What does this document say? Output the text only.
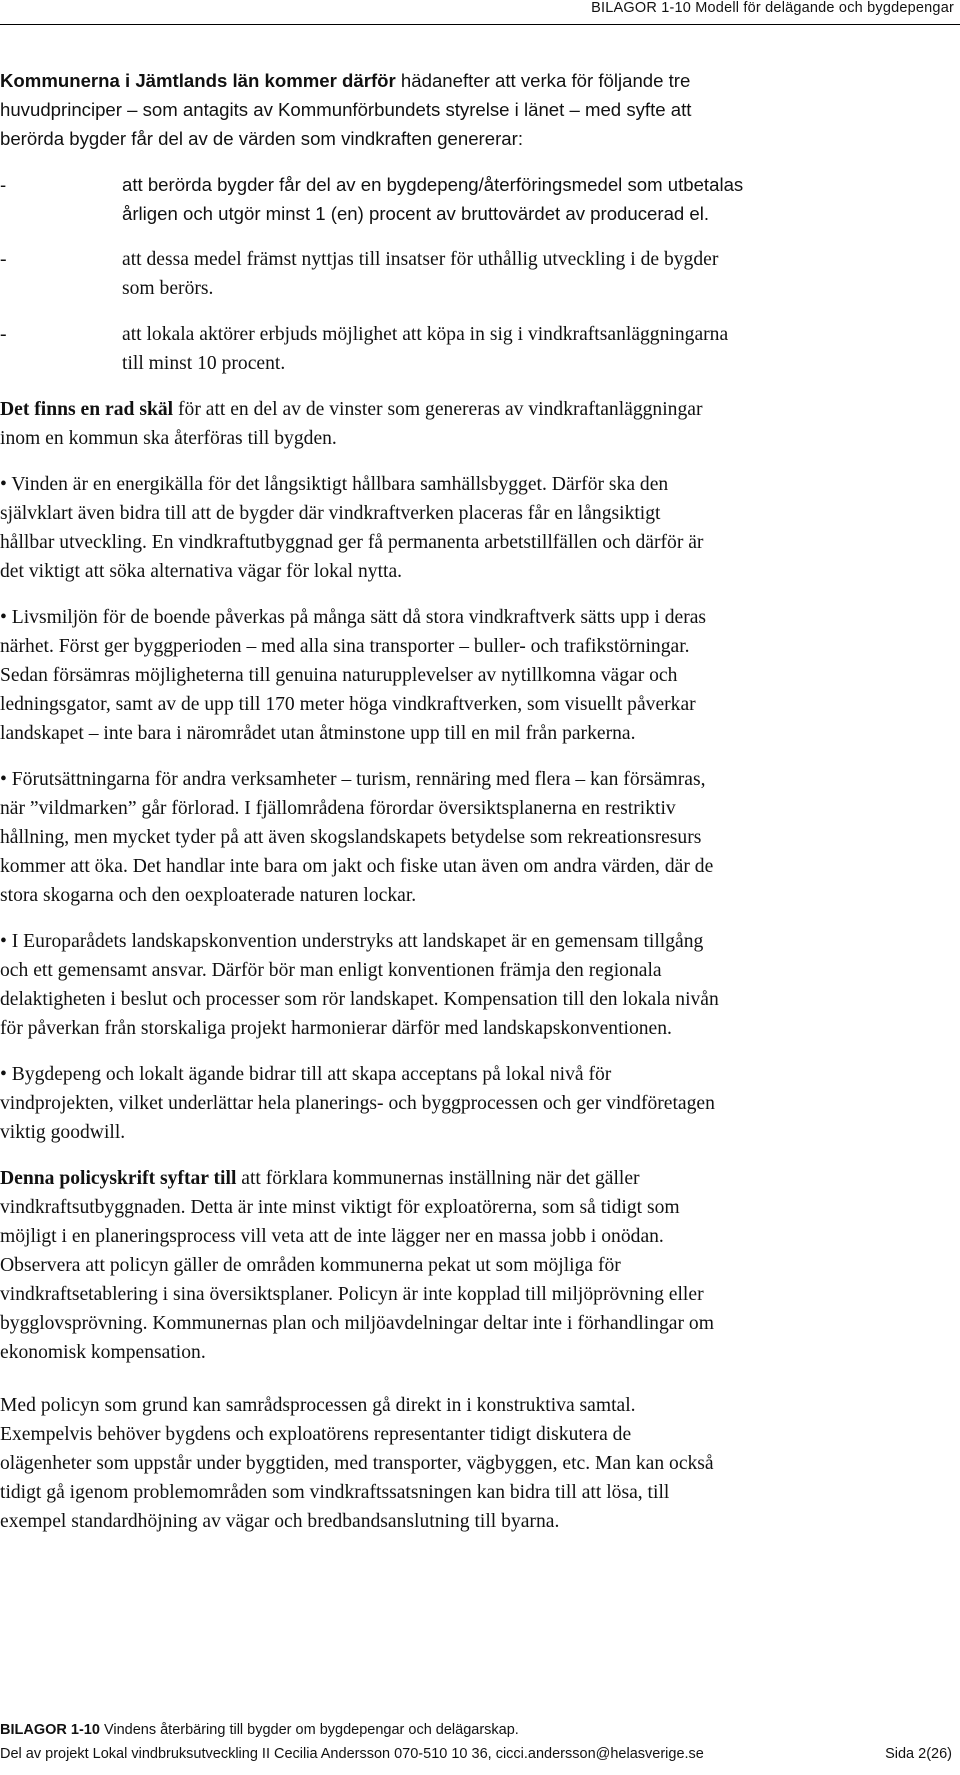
BILAGOR 1-10 Modell för delägande och bygdepengar

Kommunerna i Jämtlands län kommer därför hädanefter att verka för följande tre

huvudprinciper – som antagits av Kommunförbundets styrelse i länet – med syfte att

berörda bygder får del av de värden som vindkraften genererar:

-	att berörda bygder får del av en bygdepeng/återföringsmedel som utbetalas

årligen och utgör minst 1 (en) procent av bruttovärdet av producerad el.

-	att dessa medel främst nyttjas till insatser för uthållig utveckling i de bygder

som berörs.

-	att lokala aktörer erbjuds möjlighet att köpa in sig i vindkraftsanläggningarna

till minst 10 procent.

Det finns en rad skäl för att en del av de vinster som genereras av vindkraftanläggningar

inom en kommun ska återföras till bygden.

• Vinden är en energikälla för det långsiktigt hållbara samhällsbygget. Därför ska den

självklart även bidra till att de bygder där vindkraftverken placeras får en långsiktigt

hållbar utveckling. En vindkraftutbyggnad ger få permanenta arbetstillfällen och därför är

det viktigt att söka alternativa vägar för lokal nytta.

• Livsmiljön för de boende påverkas på många sätt då stora vindkraftverk sätts upp i deras

närhet. Först ger byggperioden – med alla sina transporter – buller- och trafikstörningar.

Sedan försämras möjligheterna till genuina naturupplevelser av nytillkomna vägar och

ledningsgator, samt av de upp till 170 meter höga vindkraftverken, som visuellt påverkar

landskapet – inte bara i närområdet utan åtminstone upp till en mil från parkerna.

• Förutsättningarna för andra verksamheter – turism, rennäring med flera – kan försämras,

när ”vildmarken” går förlorad. I fjällområdena förordar översiktsplanerna en restriktiv

hållning, men mycket tyder på att även skogslandskapets betydelse som rekreationsresurs

kommer att öka. Det handlar inte bara om jakt och fiske utan även om andra värden, där de

stora skogarna och den oexploaterade naturen lockar.

• I Europarådets landskapskonvention understryks att landskapet är en gemensam tillgång

och ett gemensamt ansvar. Därför bör man enligt konventionen främja den regionala

delaktigheten i beslut och processer som rör landskapet. Kompensation till den lokala nivån

för påverkan från storskaliga projekt harmonierar därför med landskapskonventionen.

• Bygdepeng och lokalt ägande bidrar till att skapa acceptans på lokal nivå för

vindprojekten, vilket underlättar hela planerings- och byggprocessen och ger vindföretagen

viktig goodwill.

Denna policyskrift syftar till att förklara kommunernas inställning när det gäller

vindkraftsutbyggnaden. Detta är inte minst viktigt för exploatörerna, som så tidigt som

möjligt i en planeringsprocess vill veta att de inte lägger ner en massa jobb i onödan.

Observera att policyn gäller de områden kommunerna pekat ut som möjliga för

vindkraftsetablering i sina översiktsplaner. Policyn är inte kopplad till miljöprövning eller

bygglovsprövning. Kommunernas plan och miljöavdelningar deltar inte i förhandlingar om

ekonomisk kompensation.

Med policyn som grund kan samrådsprocessen gå direkt in i konstruktiva samtal.

Exempelvis behöver bygdens och exploatörens representanter tidigt diskutera de

olägenheter som uppstår under byggtiden, med transporter, vägbyggen, etc. Man kan också

tidigt gå igenom problemområden som vindkraftssatsningen kan bidra till att lösa, till

exempel standardhöjning av vägar och bredbandsanslutning till byarna.

BILAGOR 1-10 Vindens återbäring till bygder om bygdepengar och delägarskap.
Del av projekt Lokal vindbruksutveckling II Cecilia Andersson 070-510 10 36, cicci.andersson@helasverige.se	Sida 2(26)
